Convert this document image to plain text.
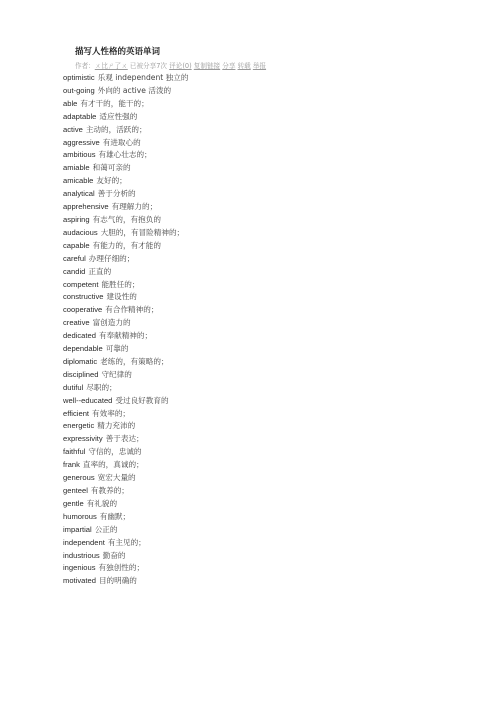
描写人性格的英语单词
作者：ㄨ比ㄕ了ㄨ 已被分享7次 评论(0) 复制链接 分享 转载 举报
optimistic 乐观 independent 独立的
out-going 外向的 active 活泼的
able 有才干的，能干的；
adaptable 适应性强的
active 主动的，活跃的；
aggressive 有进取心的
ambitious 有雄心壮志的；
amiable 和蔼可亲的
amicable 友好的；
analytical 善于分析的
apprehensive 有理解力的；
aspiring 有志气的，有抱负的
audacious 大胆的，有冒险精神的；
capable 有能力的，有才能的
careful 办理仔细的；
candid 正直的
competent 能胜任的；
constructive 建设性的
cooperative 有合作精神的；
creative 富创造力的
dedicated 有奉献精神的；
dependable 可靠的
diplomatic 老练的，有策略的；
disciplined 守纪律的
dutiful 尽职的；
well--educated 受过良好教育的
efficient 有效率的；
energetic 精力充沛的
expressivity 善于表达；
faithful 守信的，忠诚的
frank 直率的，真诚的；
generous 宽宏大量的
genteel 有教养的；
gentle 有礼貌的
humorous 有幽默；
impartial 公正的
independent 有主见的；
industrious 勤奋的
ingenious 有独创性的；
motivated 目的明确的
